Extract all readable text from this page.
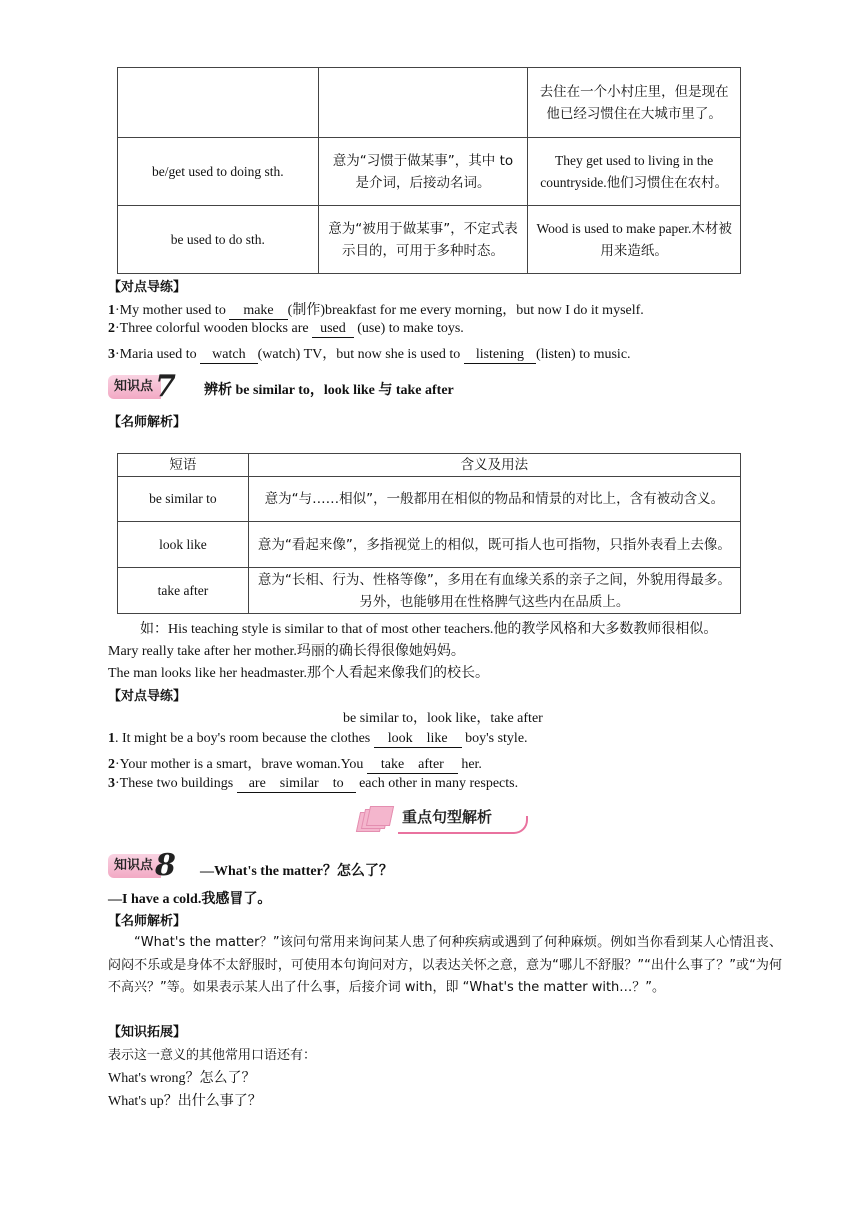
		去住在一个小村庄里，但是现在他已经习惯住在大城市里了。
be/get used to doing sth.	意为“习惯于做某事”，其中 to 是介词，后接动名词。	They get used to living in the countryside.他们习惯住在农村。
be used to do sth.	意为“被用于做某事”，不定式表示目的，可用于多种时态。	Wood is used to make paper.木材被用来造纸。
【对点导练】
1·My mother used to make (制作)breakfast for me every morning，but now I do it myself.
2·Three colorful wooden blocks are used (use) to make toys.
3·Maria used to watch (watch) TV，but now she is used to listening (listen) to music.
知识点 7 辨析 be similar to，look like 与 take after
【名师解析】
短语	含义及用法
be similar to	意为“与……相似”，一般都用在相似的物品和情景的对比上，含有被动含义。
look like	意为“看起来像”，多指视觉上的相似，既可指人也可指物，只指外表看上去像。
take after	意为“长相、行为、性格等像”，多用在有血缘关系的亲子之间，外貌用得最多。另外，也能够用在性格脾气这些内在品质上。
如：His teaching style is similar to that of most other teachers.他的教学风格和大多数教师很相似。
Mary really take after her mother.玛丽的确长得很像她妈妈。
The man looks like her headmaster.那个人看起来像我们的校长。
【对点导练】
be similar to，look like，take after
1. It might be a boy's room because the clothes look　like boy's style.
2·Your mother is a smart，brave woman.You take　after her.
3·These two buildings are　similar　to each other in many respects.
重点句型解析
知识点 8 —What's the matter？怎么了？
—I have a cold.我感冒了。
【名师解析】
“What's the matter？”该问句常用来询问某人患了何种疾病或遇到了何种麻烦。例如当你看到某人心情沮丧、闷闷不乐或是身体不太舒服时，可使用本句询问对方，以表达关怀之意，意为“哪儿不舒服？”“出什么事了？”或“为何不高兴？”等。如果表示某人出了什么事，后接介词 with，即 “What's the matter with…？”。
【知识拓展】
表示这一意义的其他常用口语还有：
What's wrong？怎么了？
What's up？出什么事了？
